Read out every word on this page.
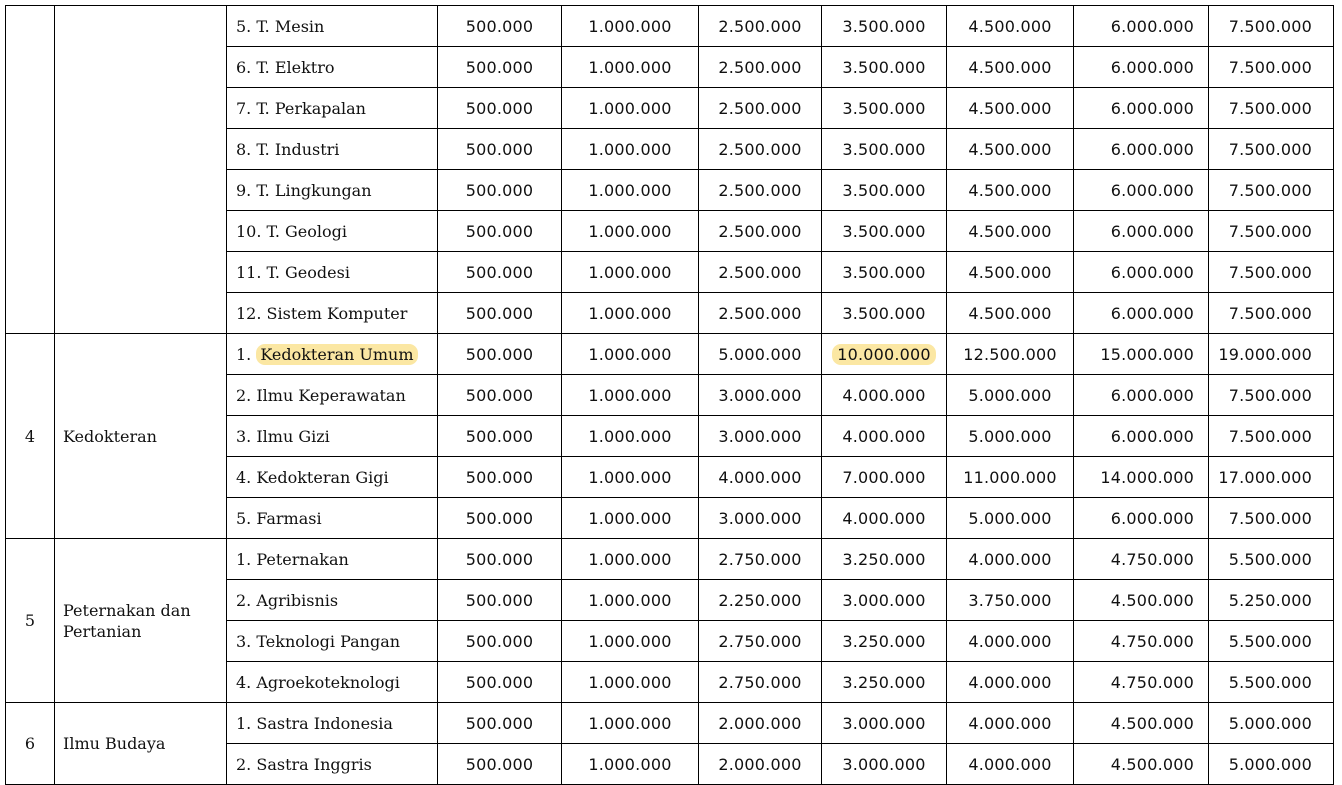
		5. T. Mesin	500.000	1.000.000	2.500.000	3.500.000	4.500.000	6.000.000	7.500.000
		6. T. Elektro	500.000	1.000.000	2.500.000	3.500.000	4.500.000	6.000.000	7.500.000
		7. T. Perkapalan	500.000	1.000.000	2.500.000	3.500.000	4.500.000	6.000.000	7.500.000
		8. T. Industri	500.000	1.000.000	2.500.000	3.500.000	4.500.000	6.000.000	7.500.000
		9. T. Lingkungan	500.000	1.000.000	2.500.000	3.500.000	4.500.000	6.000.000	7.500.000
		10. T. Geologi	500.000	1.000.000	2.500.000	3.500.000	4.500.000	6.000.000	7.500.000
		11. T. Geodesi	500.000	1.000.000	2.500.000	3.500.000	4.500.000	6.000.000	7.500.000
		12. Sistem Komputer	500.000	1.000.000	2.500.000	3.500.000	4.500.000	6.000.000	7.500.000
4	Kedokteran	1. Kedokteran Umum	500.000	1.000.000	5.000.000	10.000.000	12.500.000	15.000.000	19.000.000
		2. Ilmu Keperawatan	500.000	1.000.000	3.000.000	4.000.000	5.000.000	6.000.000	7.500.000
		3. Ilmu Gizi	500.000	1.000.000	3.000.000	4.000.000	5.000.000	6.000.000	7.500.000
		4. Kedokteran Gigi	500.000	1.000.000	4.000.000	7.000.000	11.000.000	14.000.000	17.000.000
		5. Farmasi	500.000	1.000.000	3.000.000	4.000.000	5.000.000	6.000.000	7.500.000
5	Peternakan dan Pertanian	1. Peternakan	500.000	1.000.000	2.750.000	3.250.000	4.000.000	4.750.000	5.500.000
		2. Agribisnis	500.000	1.000.000	2.250.000	3.000.000	3.750.000	4.500.000	5.250.000
		3. Teknologi Pangan	500.000	1.000.000	2.750.000	3.250.000	4.000.000	4.750.000	5.500.000
		4. Agroekoteknologi	500.000	1.000.000	2.750.000	3.250.000	4.000.000	4.750.000	5.500.000
6	Ilmu Budaya	1. Sastra Indonesia	500.000	1.000.000	2.000.000	3.000.000	4.000.000	4.500.000	5.000.000
		2. Sastra Inggris	500.000	1.000.000	2.000.000	3.000.000	4.000.000	4.500.000	5.000.000
